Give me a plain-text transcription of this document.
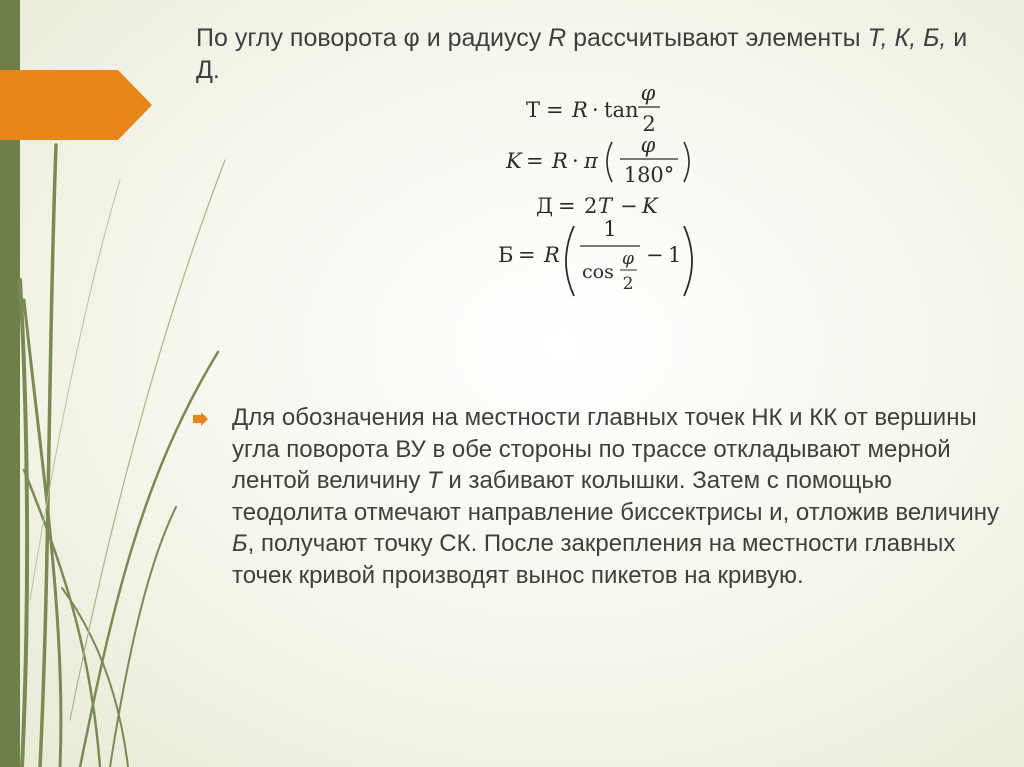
По углу поворота φ и радиусу R рассчитывают элементы Т, К, Б, и Д.
Т = R · tan
φ
2
K = R · π
φ
180°
Д = 2 T − K
Б = R
1
cos
φ
2
− 1
Для обозначения на местности главных точек НК и КК от вершины угла поворота ВУ в обе стороны по трассе откладывают мерной лентой величину Т и забивают колышки. Затем с помощью теодолита отмечают направление биссектрисы и, отложив величину Б, получают точку СК. После закрепления на местности главных точек кривой производят вынос пикетов на кривую.
